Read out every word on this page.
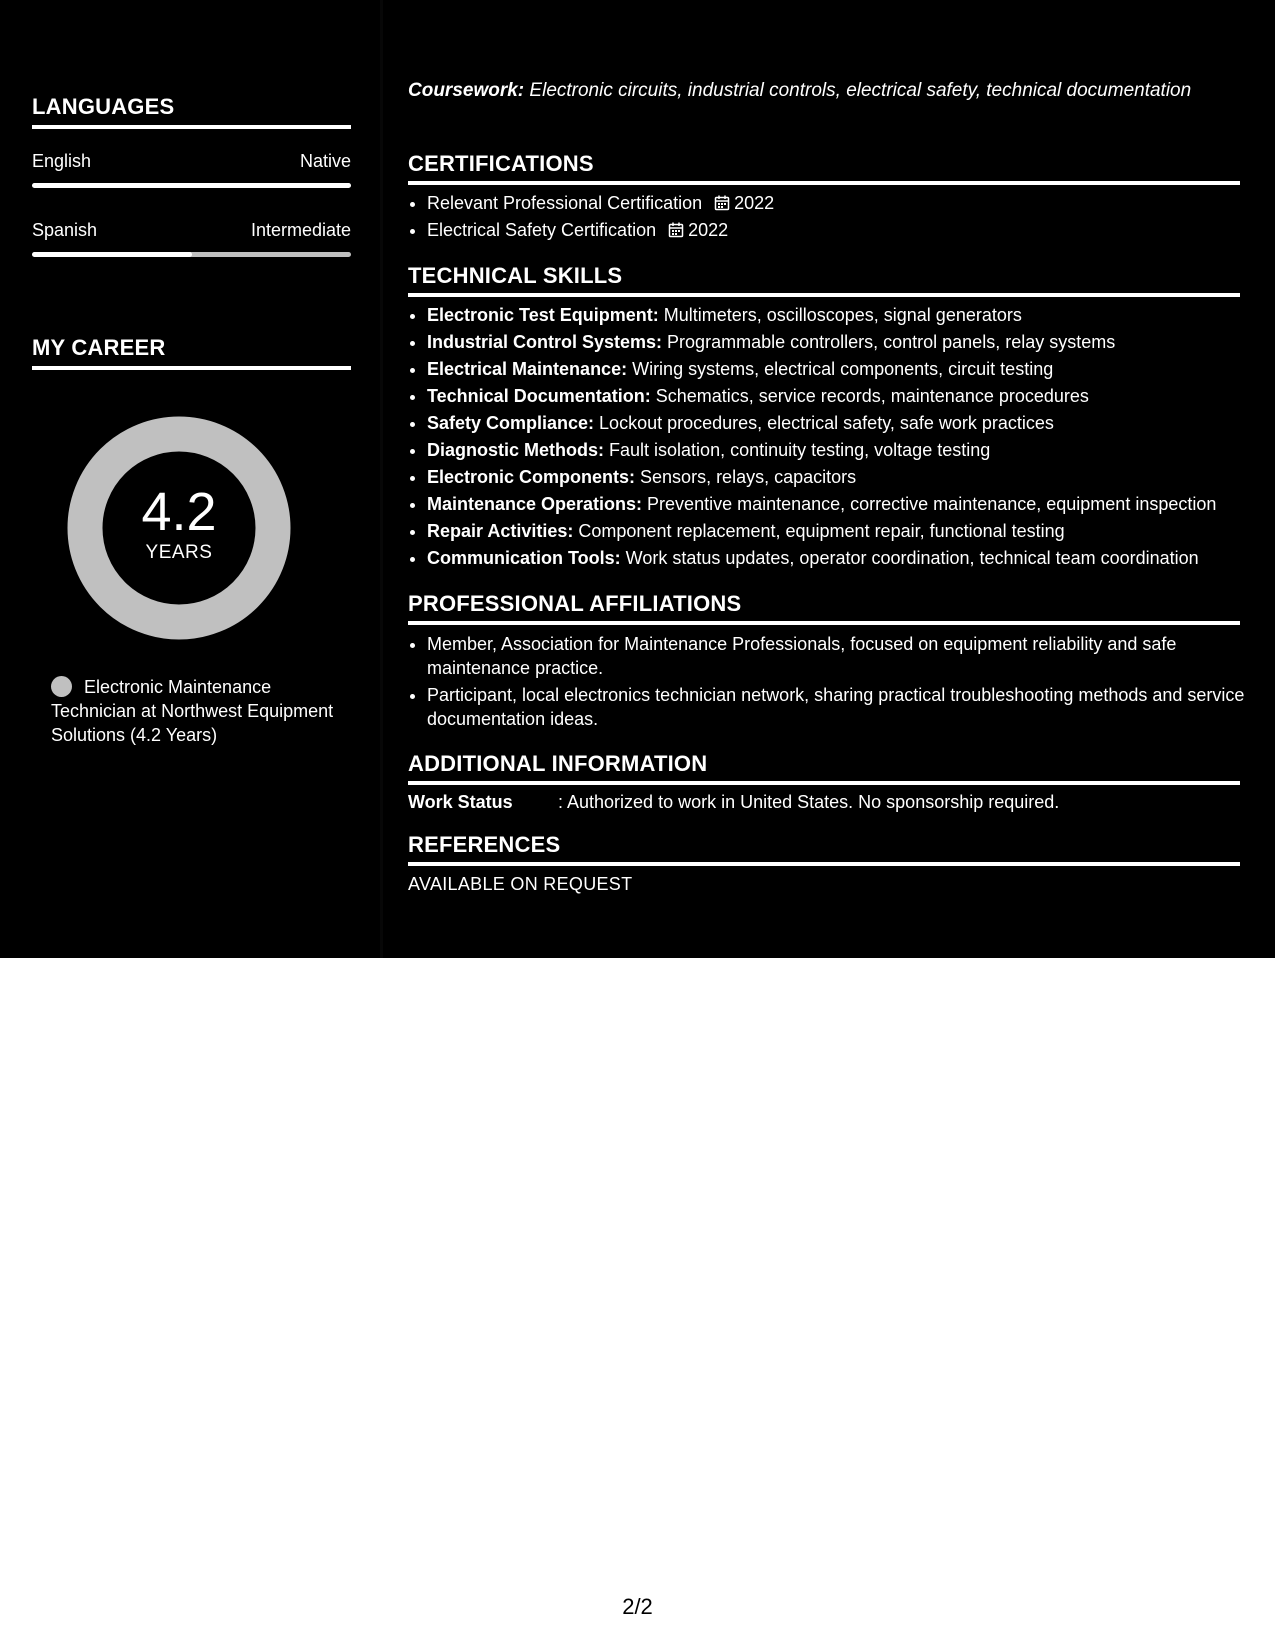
LANGUAGES
English	Native
Spanish	Intermediate
MY CAREER
4.2
YEARS
Electronic Maintenance Technician at Northwest Equipment Solutions (4.2 Years)
Coursework: Electronic circuits, industrial controls, electrical safety, technical documentation
CERTIFICATIONS
• Relevant Professional Certification 2022
• Electrical Safety Certification 2022
TECHNICAL SKILLS
• Electronic Test Equipment: Multimeters, oscilloscopes, signal generators
• Industrial Control Systems: Programmable controllers, control panels, relay systems
• Electrical Maintenance: Wiring systems, electrical components, circuit testing
• Technical Documentation: Schematics, service records, maintenance procedures
• Safety Compliance: Lockout procedures, electrical safety, safe work practices
• Diagnostic Methods: Fault isolation, continuity testing, voltage testing
• Electronic Components: Sensors, relays, capacitors
• Maintenance Operations: Preventive maintenance, corrective maintenance, equipment inspection
• Repair Activities: Component replacement, equipment repair, functional testing
• Communication Tools: Work status updates, operator coordination, technical team coordination
PROFESSIONAL AFFILIATIONS
• Member, Association for Maintenance Professionals, focused on equipment reliability and safe maintenance practice.
• Participant, local electronics technician network, sharing practical troubleshooting methods and service documentation ideas.
ADDITIONAL INFORMATION
Work Status	: Authorized to work in United States. No sponsorship required.
REFERENCES
AVAILABLE ON REQUEST
2/2
